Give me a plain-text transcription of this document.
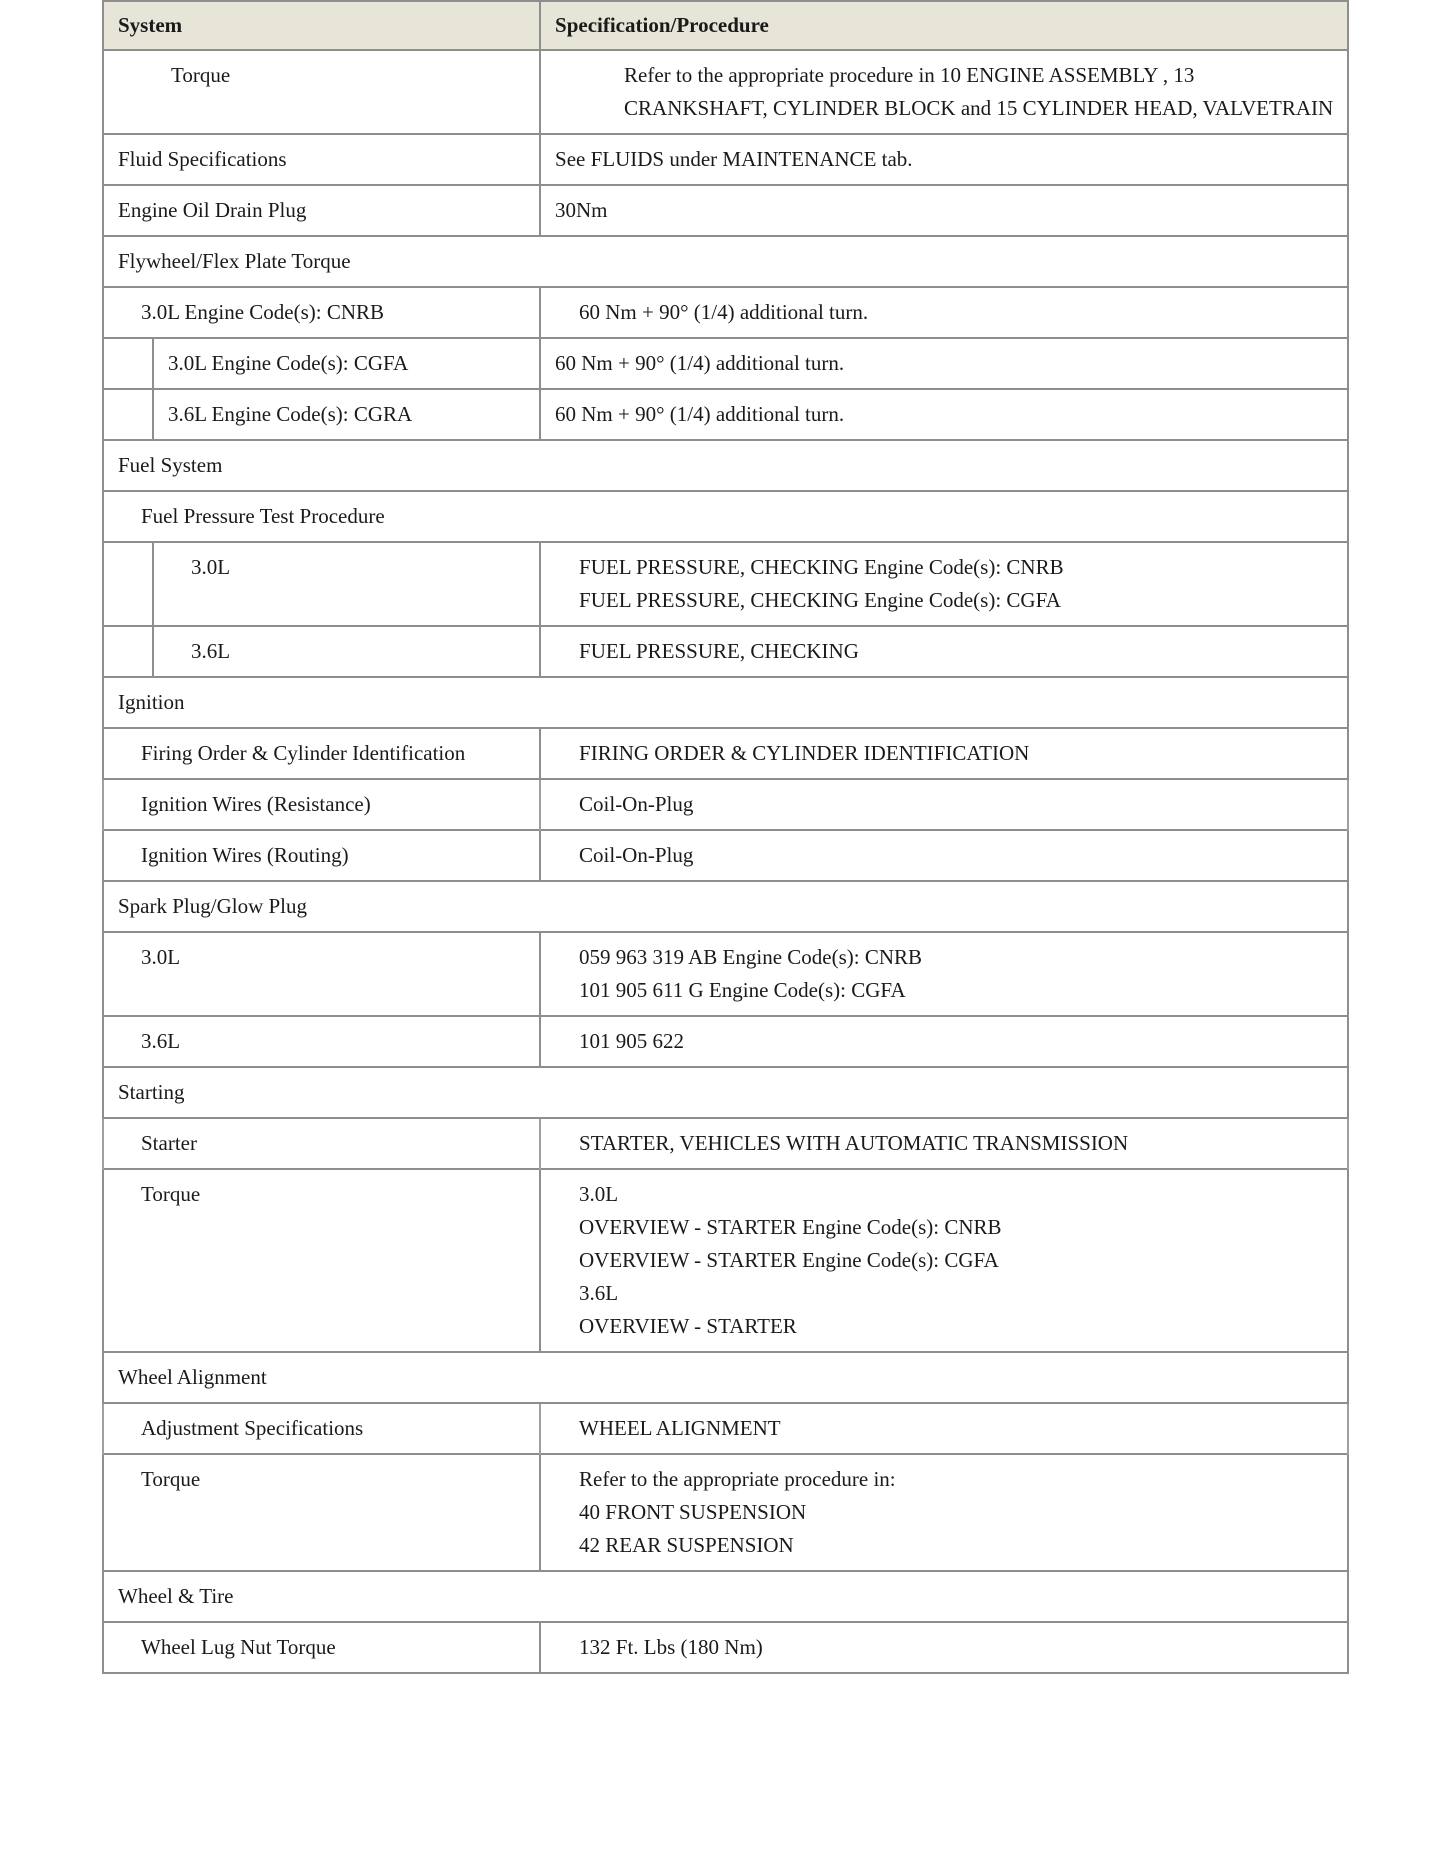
System		Specification/Procedure
Torque		Refer to the appropriate procedure in 10 ENGINE ASSEMBLY , 13
CRANKSHAFT, CYLINDER BLOCK and 15 CYLINDER HEAD, VALVETRAIN

Fluid Specifications		See FLUIDS under MAINTENANCE tab.

Engine Oil Drain Plug		30Nm

Flywheel/Flex Plate Torque		
3.0L Engine Code(s): CNRB		60 Nm + 90° (1/4) additional turn.

	3.0L Engine Code(s): CGFA	60 Nm + 90° (1/4) additional turn.

	3.6L Engine Code(s): CGRA	60 Nm + 90° (1/4) additional turn.

Fuel System		
Fuel Pressure Test Procedure		
	3.0L	FUEL PRESSURE, CHECKING Engine Code(s): CNRB
FUEL PRESSURE, CHECKING Engine Code(s): CGFA

	3.6L	FUEL PRESSURE, CHECKING

Ignition		
Firing Order & Cylinder Identification		FIRING ORDER & CYLINDER IDENTIFICATION

Ignition Wires (Resistance)		Coil-On-Plug

Ignition Wires (Routing)		Coil-On-Plug

Spark Plug/Glow Plug		
3.0L		059 963 319 AB Engine Code(s): CNRB
101 905 611 G Engine Code(s): CGFA

3.6L		101 905 622

Starting		
Starter		STARTER, VEHICLES WITH AUTOMATIC TRANSMISSION

Torque		3.0L
OVERVIEW - STARTER Engine Code(s): CNRB
OVERVIEW - STARTER Engine Code(s): CGFA
3.6L
OVERVIEW - STARTER

Wheel Alignment		
Adjustment Specifications		WHEEL ALIGNMENT

Torque		Refer to the appropriate procedure in:
40 FRONT SUSPENSION
42 REAR SUSPENSION

Wheel & Tire		
Wheel Lug Nut Torque		132 Ft. Lbs (180 Nm)
